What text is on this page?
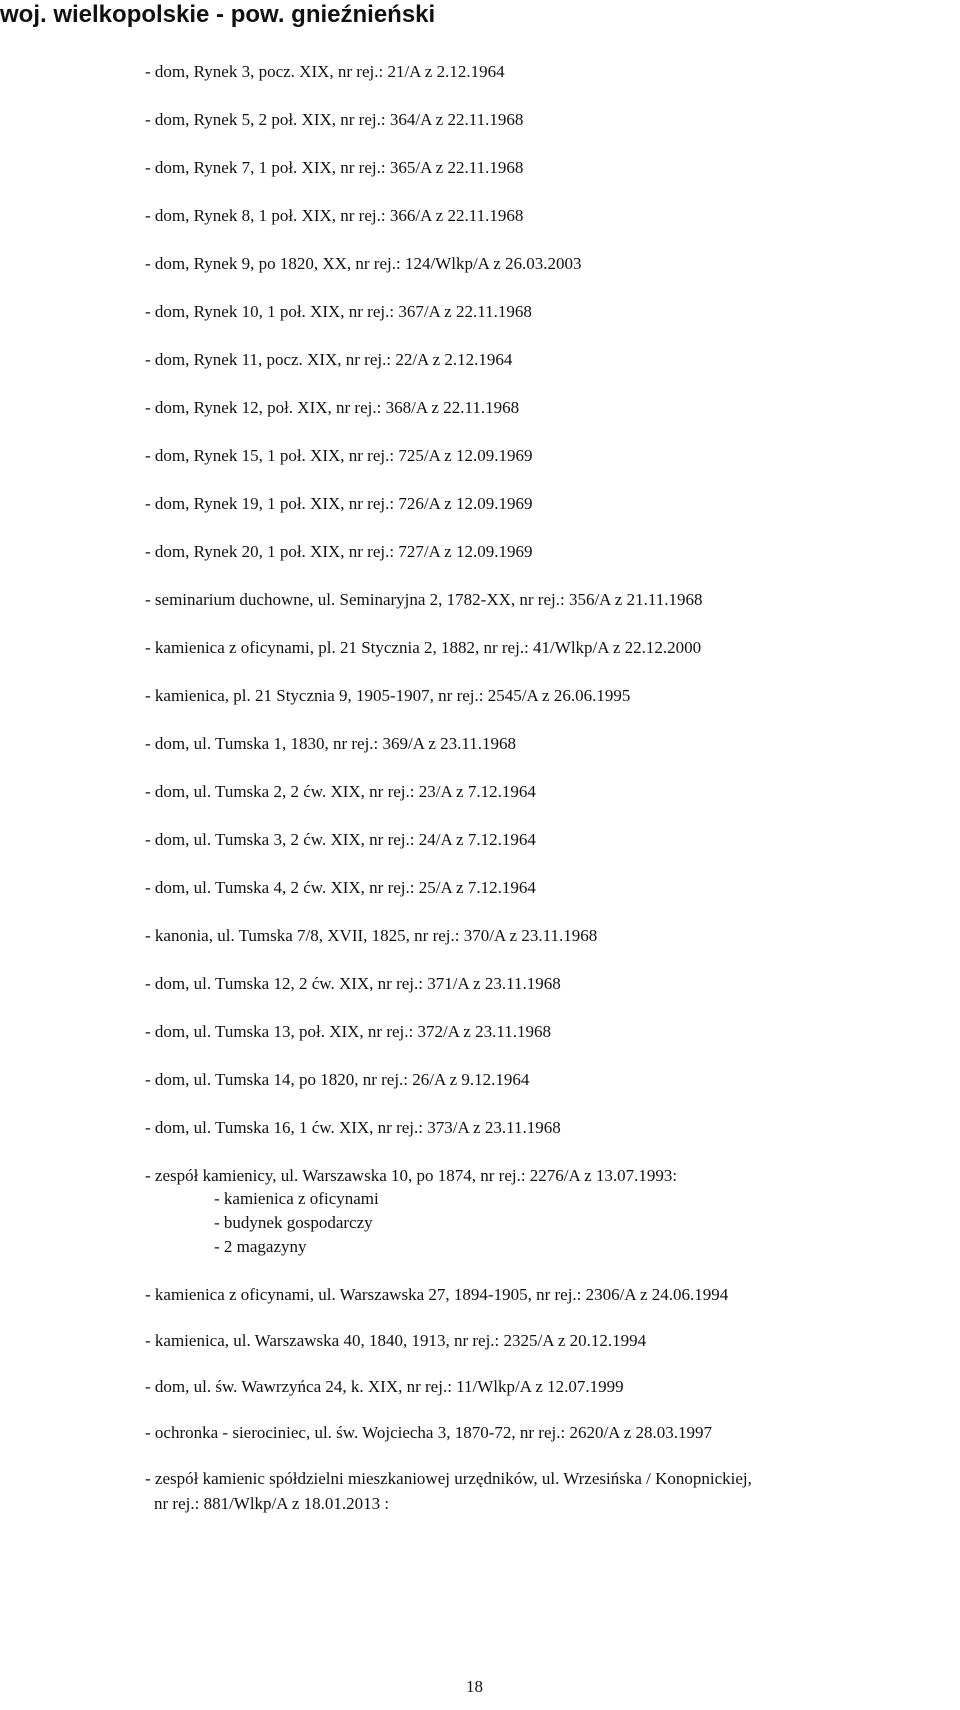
woj. wielkopolskie - pow. gnieźnieński
- dom, Rynek 3, pocz. XIX, nr rej.: 21/A z 2.12.1964
- dom, Rynek 5, 2 poł. XIX, nr rej.: 364/A z 22.11.1968
- dom, Rynek 7, 1 poł. XIX, nr rej.: 365/A z 22.11.1968
- dom, Rynek 8, 1 poł. XIX, nr rej.: 366/A z 22.11.1968
- dom, Rynek 9, po 1820, XX, nr rej.: 124/Wlkp/A z 26.03.2003
- dom, Rynek 10, 1 poł. XIX, nr rej.: 367/A z 22.11.1968
- dom, Rynek 11, pocz. XIX, nr rej.: 22/A z 2.12.1964
- dom, Rynek 12, poł. XIX, nr rej.: 368/A z 22.11.1968
- dom, Rynek 15, 1 poł. XIX, nr rej.: 725/A z 12.09.1969
- dom, Rynek 19, 1 poł. XIX, nr rej.: 726/A z 12.09.1969
- dom, Rynek 20, 1 poł. XIX, nr rej.: 727/A z 12.09.1969
- seminarium duchowne, ul. Seminaryjna 2, 1782-XX, nr rej.: 356/A z 21.11.1968
- kamienica z oficynami, pl. 21 Stycznia 2, 1882, nr rej.: 41/Wlkp/A z 22.12.2000
- kamienica, pl. 21 Stycznia 9, 1905-1907, nr rej.: 2545/A z 26.06.1995
- dom, ul. Tumska 1, 1830, nr rej.: 369/A z 23.11.1968
- dom, ul. Tumska 2, 2 ćw. XIX, nr rej.: 23/A z 7.12.1964
- dom, ul. Tumska 3, 2 ćw. XIX, nr rej.: 24/A z 7.12.1964
- dom, ul. Tumska 4, 2 ćw. XIX, nr rej.: 25/A z 7.12.1964
- kanonia, ul. Tumska 7/8, XVII, 1825, nr rej.: 370/A z 23.11.1968
- dom, ul. Tumska 12, 2 ćw. XIX, nr rej.: 371/A z 23.11.1968
- dom, ul. Tumska 13, poł. XIX, nr rej.: 372/A z 23.11.1968
- dom, ul. Tumska 14, po 1820, nr rej.: 26/A z 9.12.1964
- dom, ul. Tumska 16, 1 ćw. XIX, nr rej.: 373/A z 23.11.1968
- zespół kamienicy, ul. Warszawska 10, po 1874, nr rej.: 2276/A z 13.07.1993:
- kamienica z oficynami
- budynek gospodarczy
- 2 magazyny
- kamienica z oficynami, ul. Warszawska 27, 1894-1905, nr rej.: 2306/A z 24.06.1994
- kamienica, ul. Warszawska 40, 1840, 1913, nr rej.: 2325/A z 20.12.1994
- dom, ul. św. Wawrzyńca 24, k. XIX, nr rej.: 11/Wlkp/A z 12.07.1999
- ochronka - sierociniec, ul. św. Wojciecha 3, 1870-72, nr rej.: 2620/A z 28.03.1997
- zespół kamienic spółdzielni mieszkaniowej urzędników, ul. Wrzesińska / Konopnickiej,
nr rej.: 881/Wlkp/A z 18.01.2013 :
18
